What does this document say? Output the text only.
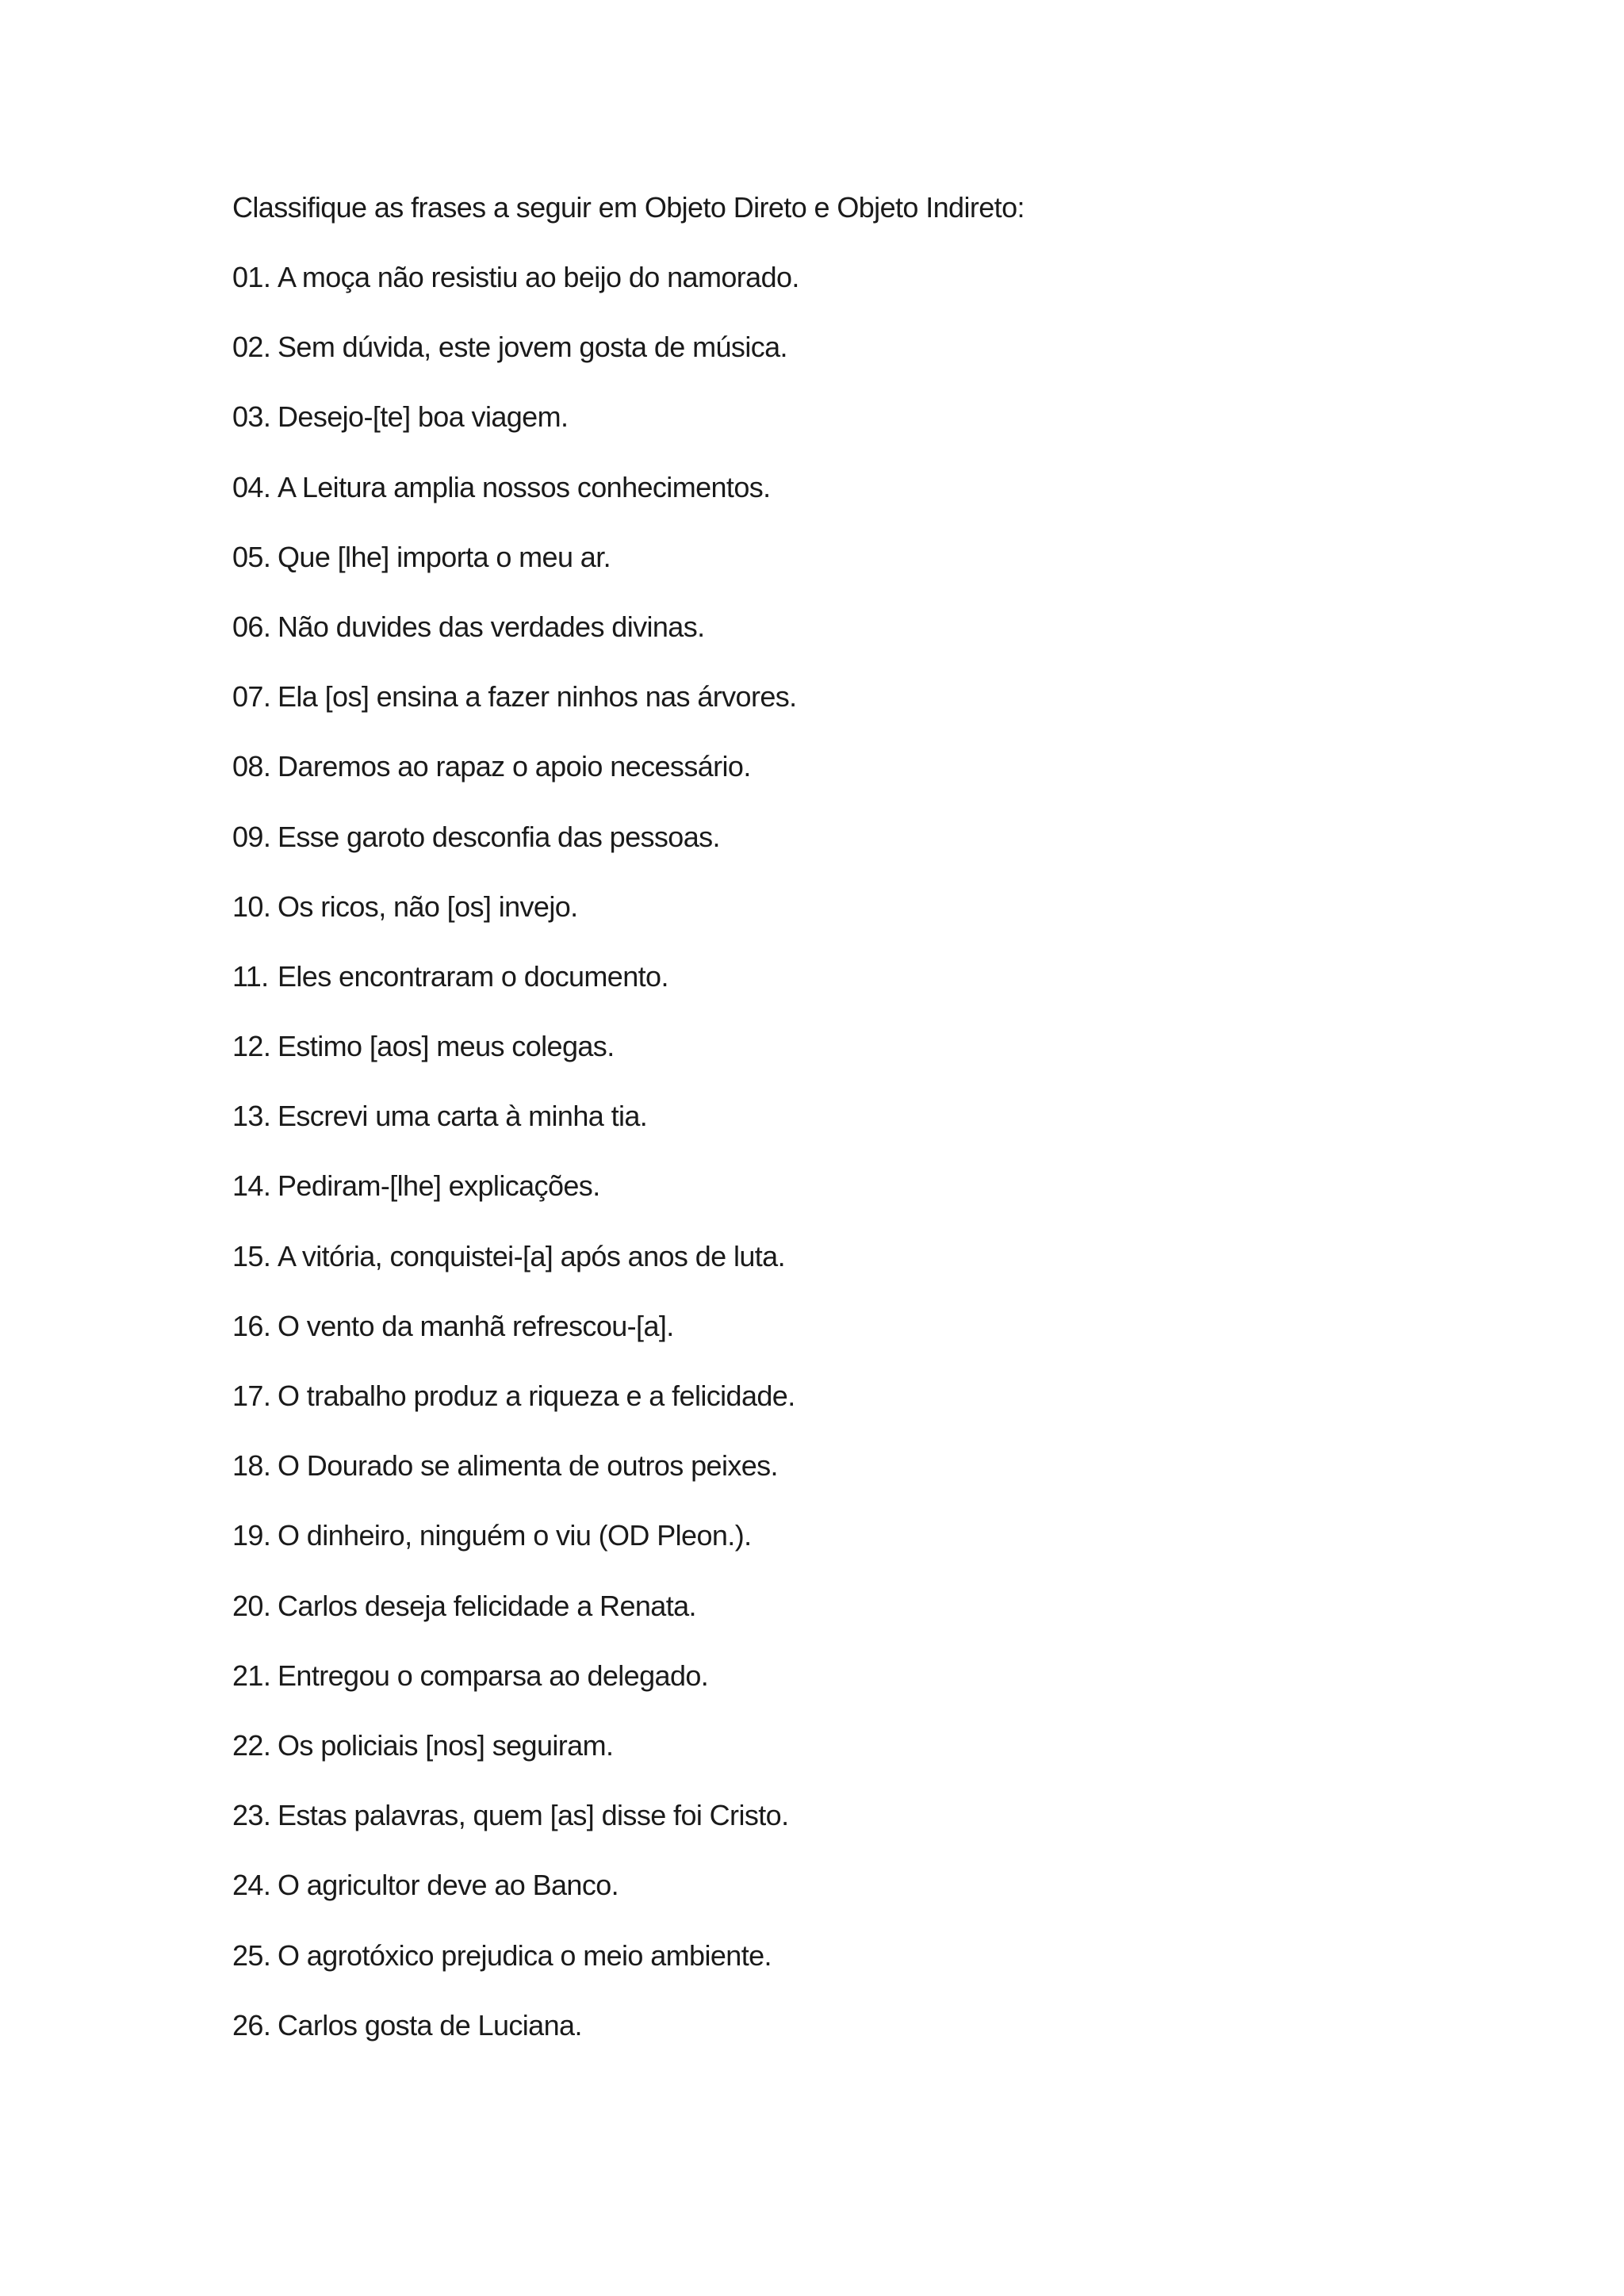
Classifique as frases a seguir em Objeto Direto e Objeto Indireto:

01. A moça não resistiu ao beijo do namorado.
02. Sem dúvida, este jovem gosta de música.
03. Desejo-[te] boa viagem.
04. A Leitura amplia nossos conhecimentos.
05. Que [lhe] importa o meu ar.
06. Não duvides das verdades divinas.
07. Ela [os] ensina a fazer ninhos nas árvores.
08. Daremos ao rapaz o apoio necessário.
09. Esse garoto desconfia das pessoas.
10. Os ricos, não [os] invejo.
11. Eles encontraram o documento.
12. Estimo [aos] meus colegas.
13. Escrevi uma carta à minha tia.
14. Pediram-[lhe] explicações.
15. A vitória, conquistei-[a] após anos de luta.
16. O vento da manhã refrescou-[a].
17. O trabalho produz a riqueza e a felicidade.
18. O Dourado se alimenta de outros peixes.
19. O dinheiro, ninguém o viu (OD Pleon.).
20. Carlos deseja felicidade a Renata.
21. Entregou o comparsa ao delegado.
22. Os policiais [nos] seguiram.
23. Estas palavras, quem [as] disse foi Cristo.
24. O agricultor deve ao Banco.
25. O agrotóxico prejudica o meio ambiente.
26. Carlos gosta de Luciana.
